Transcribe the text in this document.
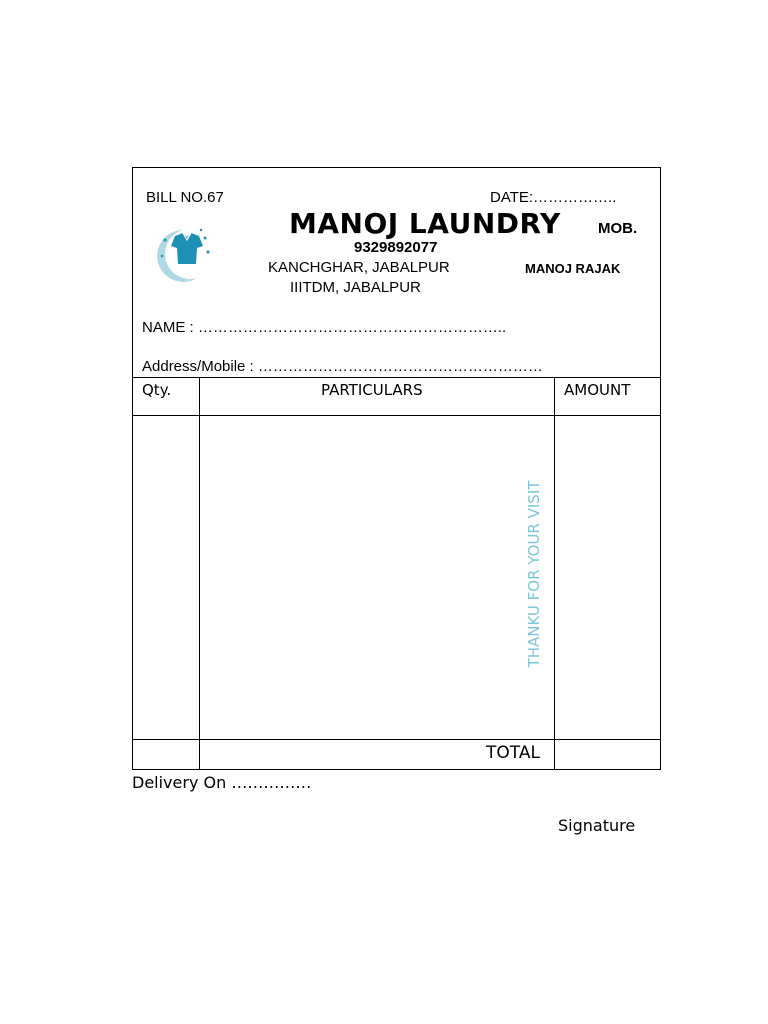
BILL NO.67	DATE:……………..
MANOJ LAUNDRY MOB.
9329892077
KANCHGHAR, JABALPUR	MANOJ RAJAK
IIITDM, JABALPUR
NAME : ……………………………………………………..
Address/Mobile : …………………………………………………
Qty.	PARTICULARS	AMOUNT
THANKU FOR YOUR VISIT
TOTAL
Delivery On ……………
Signature
